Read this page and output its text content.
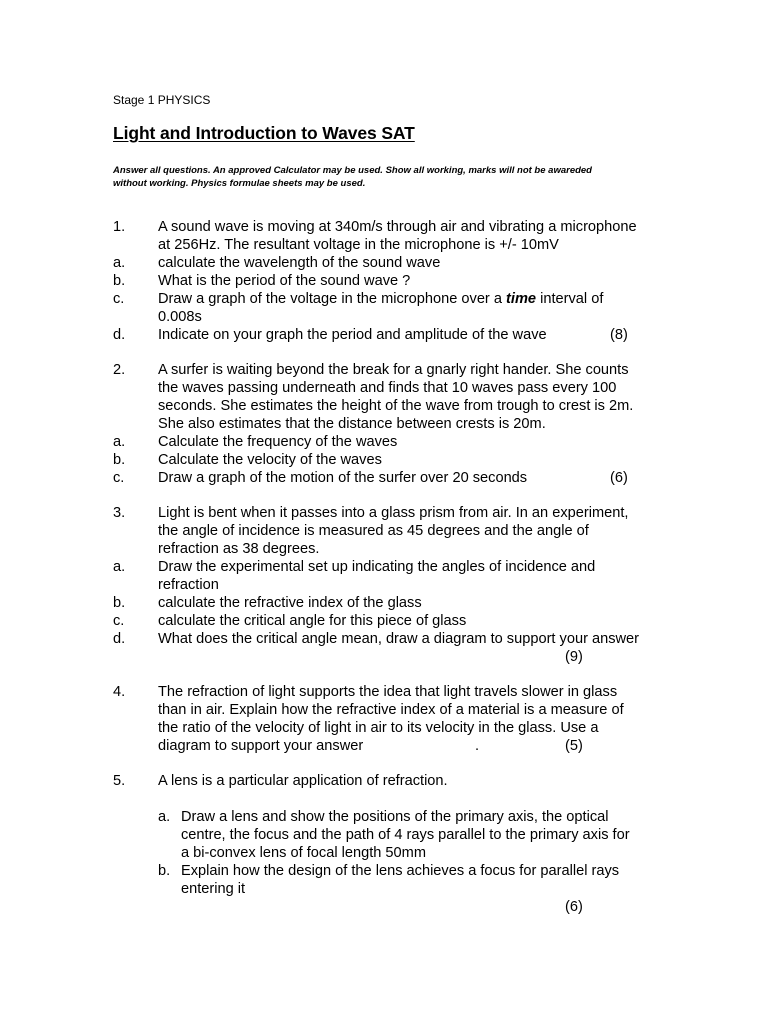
Stage 1 PHYSICS
Light and Introduction to Waves SAT
Answer all questions. An approved Calculator may be used. Show all working, marks will not be awareded
without working. Physics formulae sheets may be used.
1. A sound wave is moving at 340m/s through air and vibrating a microphone
at 256Hz. The resultant voltage in the microphone is +/- 10mV
a. calculate the wavelength of the sound wave
b. What is the period of the sound wave ?
c. Draw a graph of the voltage in the microphone over a time interval of
0.008s
d. Indicate on your graph the period and amplitude of the wave	(8)
2. A surfer is waiting beyond the break for a gnarly right hander. She counts
the waves passing underneath and finds that 10 waves pass every 100
seconds. She estimates the height of the wave from trough to crest is 2m.
She also estimates that the distance between crests is 20m.
a. Calculate the frequency of the waves
b. Calculate the velocity of the waves
c. Draw a graph of the motion of the surfer over 20 seconds	(6)
3. Light is bent when it passes into a glass prism from air. In an experiment,
the angle of incidence is measured as 45 degrees and the angle of
refraction as 38 degrees.
a. Draw the experimental set up indicating the angles of incidence and
refraction
b. calculate the refractive index of the glass
c. calculate the critical angle for this piece of glass
d. What does the critical angle mean, draw a diagram to support your answer
(9)
4. The refraction of light supports the idea that light travels slower in glass
than in air. Explain how the refractive index of a material is a measure of
the ratio of the velocity of light in air to its velocity in the glass. Use a
diagram to support your answer	.	(5)
5. A lens is a particular application of refraction.
a. Draw a lens and show the positions of the primary axis, the optical
centre, the focus and the path of 4 rays parallel to the primary axis for
a bi-convex lens of focal length 50mm
b. Explain how the design of the lens achieves a focus for parallel rays
entering it
(6)
